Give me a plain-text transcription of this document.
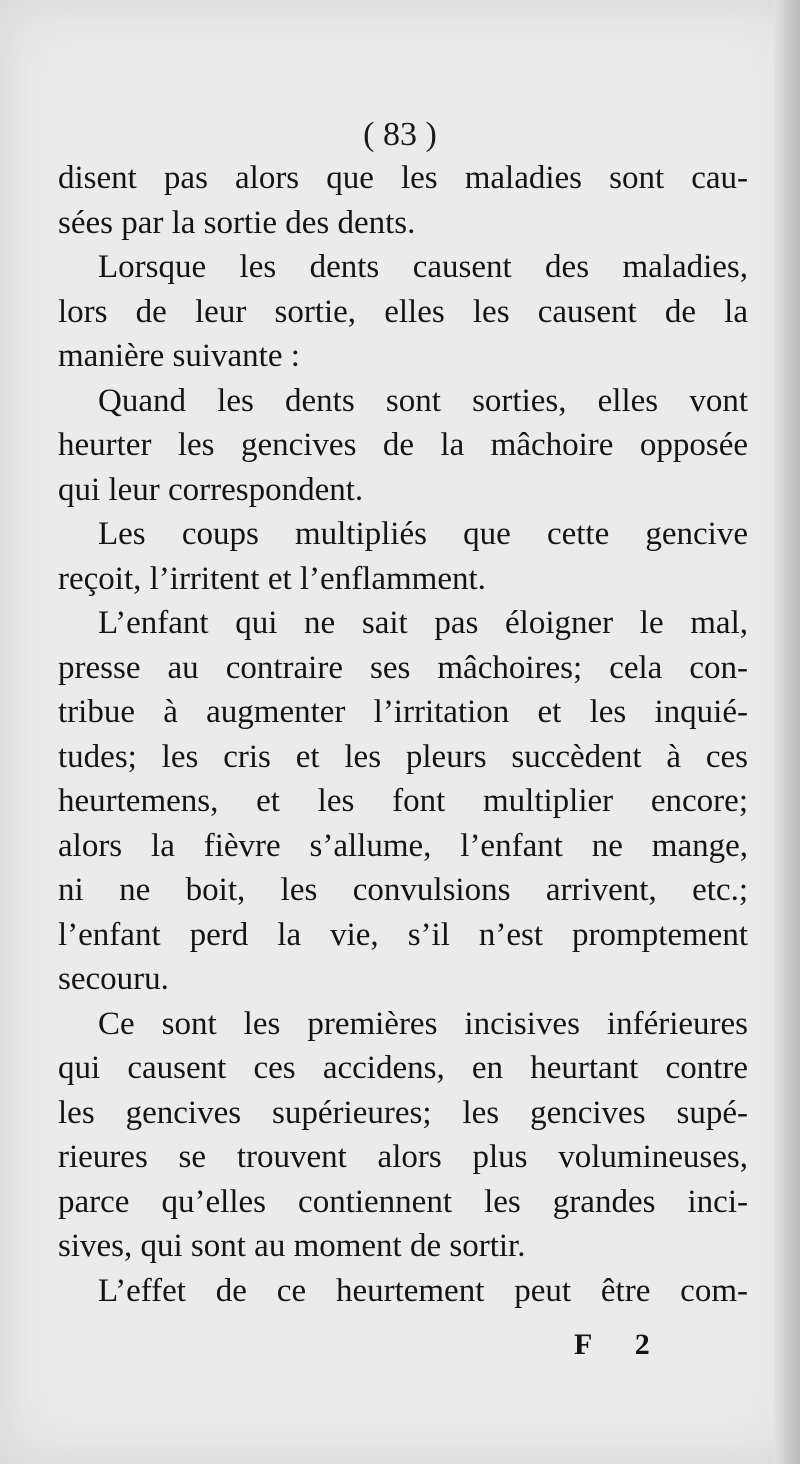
( 83 )
disent pas alors que les maladies sont cau-
sées par la sortie des dents.
Lorsque les dents causent des maladies,
lors de leur sortie, elles les causent de la
manière suivante :
Quand les dents sont sorties, elles vont
heurter les gencives de la mâchoire opposée
qui leur correspondent.
Les coups multipliés que cette gencive
reçoit, l’irritent et l’enflamment.
L’enfant qui ne sait pas éloigner le mal,
presse au contraire ses mâchoires; cela con-
tribue à augmenter l’irritation et les inquié-
tudes; les cris et les pleurs succèdent à ces
heurtemens, et les font multiplier encore;
alors la fièvre s’allume, l’enfant ne mange,
ni ne boit, les convulsions arrivent, etc.;
l’enfant perd la vie, s’il n’est promptement
secouru.
Ce sont les premières incisives inférieures
qui causent ces accidens, en heurtant contre
les gencives supérieures; les gencives supé-
rieures se trouvent alors plus volumineuses,
parce qu’elles contiennent les grandes inci-
sives, qui sont au moment de sortir.
L’effet de ce heurtement peut être com-
F 2
